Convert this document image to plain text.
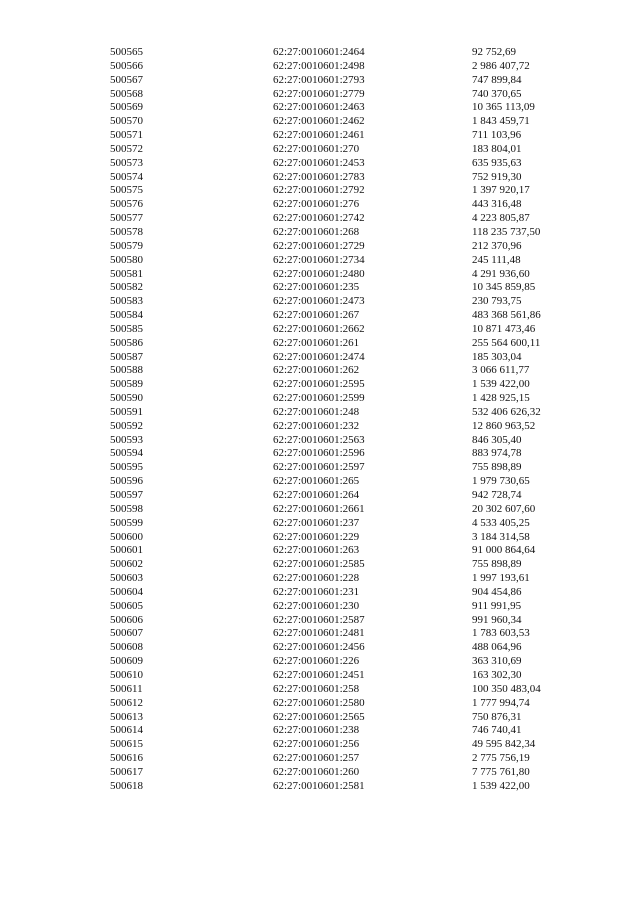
500565	62:27:0010601:2464	92 752,69
500566	62:27:0010601:2498	2 986 407,72
500567	62:27:0010601:2793	747 899,84
500568	62:27:0010601:2779	740 370,65
500569	62:27:0010601:2463	10 365 113,09
500570	62:27:0010601:2462	1 843 459,71
500571	62:27:0010601:2461	711 103,96
500572	62:27:0010601:270	183 804,01
500573	62:27:0010601:2453	635 935,63
500574	62:27:0010601:2783	752 919,30
500575	62:27:0010601:2792	1 397 920,17
500576	62:27:0010601:276	443 316,48
500577	62:27:0010601:2742	4 223 805,87
500578	62:27:0010601:268	118 235 737,50
500579	62:27:0010601:2729	212 370,96
500580	62:27:0010601:2734	245 111,48
500581	62:27:0010601:2480	4 291 936,60
500582	62:27:0010601:235	10 345 859,85
500583	62:27:0010601:2473	230 793,75
500584	62:27:0010601:267	483 368 561,86
500585	62:27:0010601:2662	10 871 473,46
500586	62:27:0010601:261	255 564 600,11
500587	62:27:0010601:2474	185 303,04
500588	62:27:0010601:262	3 066 611,77
500589	62:27:0010601:2595	1 539 422,00
500590	62:27:0010601:2599	1 428 925,15
500591	62:27:0010601:248	532 406 626,32
500592	62:27:0010601:232	12 860 963,52
500593	62:27:0010601:2563	846 305,40
500594	62:27:0010601:2596	883 974,78
500595	62:27:0010601:2597	755 898,89
500596	62:27:0010601:265	1 979 730,65
500597	62:27:0010601:264	942 728,74
500598	62:27:0010601:2661	20 302 607,60
500599	62:27:0010601:237	4 533 405,25
500600	62:27:0010601:229	3 184 314,58
500601	62:27:0010601:263	91 000 864,64
500602	62:27:0010601:2585	755 898,89
500603	62:27:0010601:228	1 997 193,61
500604	62:27:0010601:231	904 454,86
500605	62:27:0010601:230	911 991,95
500606	62:27:0010601:2587	991 960,34
500607	62:27:0010601:2481	1 783 603,53
500608	62:27:0010601:2456	488 064,96
500609	62:27:0010601:226	363 310,69
500610	62:27:0010601:2451	163 302,30
500611	62:27:0010601:258	100 350 483,04
500612	62:27:0010601:2580	1 777 994,74
500613	62:27:0010601:2565	750 876,31
500614	62:27:0010601:238	746 740,41
500615	62:27:0010601:256	49 595 842,34
500616	62:27:0010601:257	2 775 756,19
500617	62:27:0010601:260	7 775 761,80
500618	62:27:0010601:2581	1 539 422,00
